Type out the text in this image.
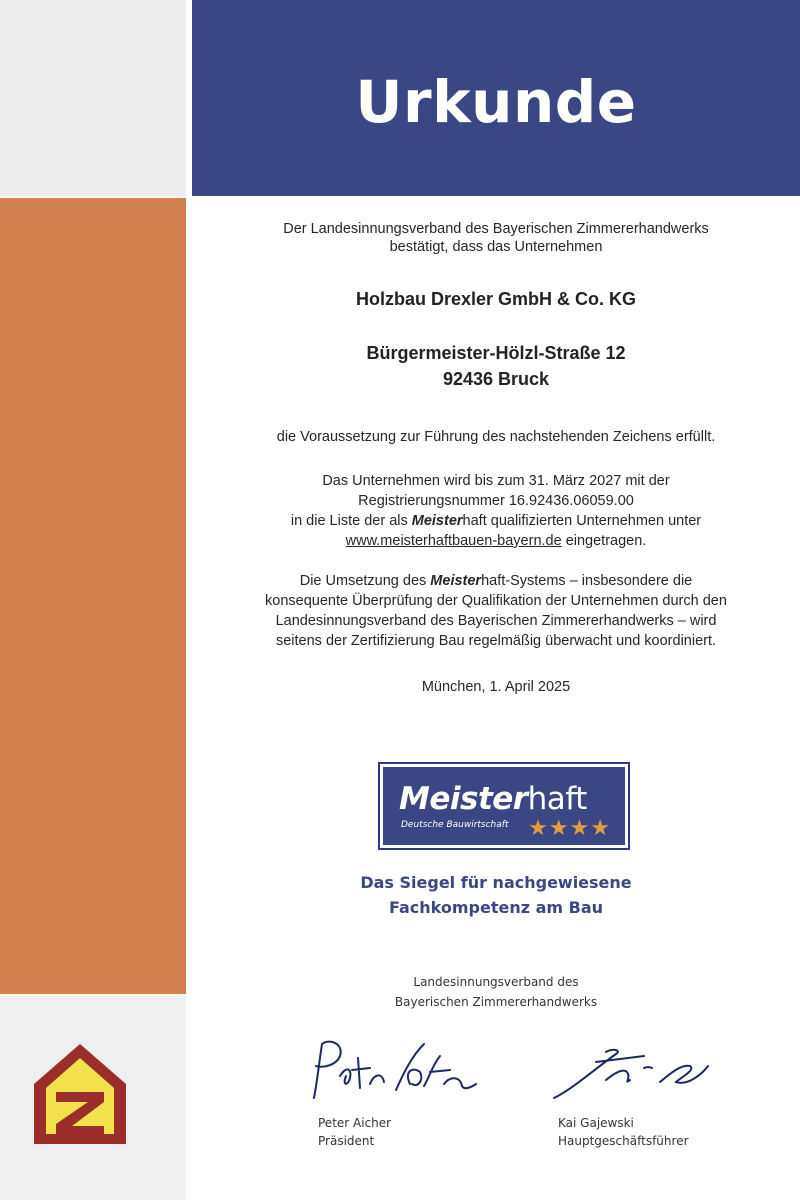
Urkunde
Der Landesinnungsverband des Bayerischen Zimmererhandwerks
bestätigt, dass das Unternehmen
Holzbau Drexler GmbH & Co. KG
Bürgermeister-Hölzl-Straße 12
92436 Bruck
die Voraussetzung zur Führung des nachstehenden Zeichens erfüllt.
Das Unternehmen wird bis zum 31. März 2027 mit der
Registrierungsnummer 16.92436.06059.00
in die Liste der als Meisterhaft qualifizierten Unternehmen unter
www.meisterhaftbauen-bayern.de eingetragen.
Die Umsetzung des Meisterhaft-Systems – insbesondere die
konsequente Überprüfung der Qualifikation der Unternehmen durch den
Landesinnungsverband des Bayerischen Zimmererhandwerks – wird
seitens der Zertifizierung Bau regelmäßig überwacht und koordiniert.
München, 1. April 2025
Meisterhaft
Deutsche Bauwirtschaft ★★★★
Das Siegel für nachgewiesene
Fachkompetenz am Bau
Landesinnungsverband des
Bayerischen Zimmererhandwerks
Peter Aicher
Präsident
Kai Gajewski
Hauptgeschäftsführer
